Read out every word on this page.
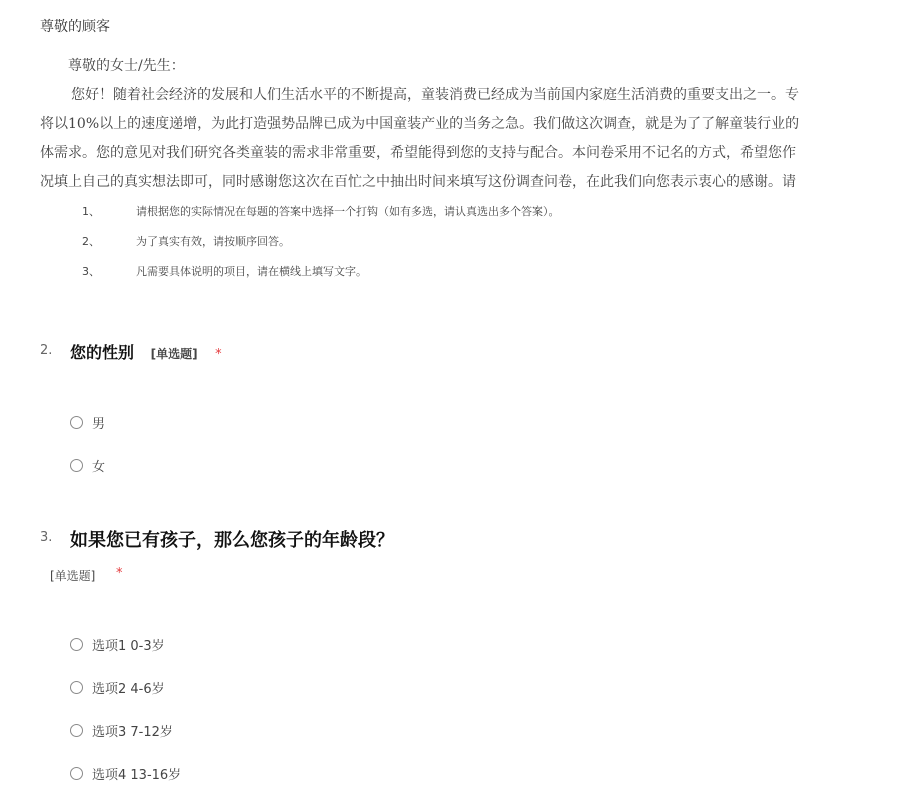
尊敬的顾客
尊敬的女士/先生：
您好！随着社会经济的发展和人们生活水平的不断提高，童装消费已经成为当前国内家庭生活消费的重要支出之一。专
将以10%以上的速度递增，为此打造强势品牌已成为中国童装产业的当务之急。我们做这次调查，就是为了了解童装行业的
体需求。您的意见对我们研究各类童装的需求非常重要，希望能得到您的支持与配合。本问卷采用不记名的方式，希望您作
况填上自己的真实想法即可，同时感谢您这次在百忙之中抽出时间来填写这份调查问卷，在此我们向您表示衷心的感谢。请
1、	请根据您的实际情况在每题的答案中选择一个打钩（如有多选，请认真选出多个答案）。
2、	为了真实有效，请按顺序回答。
3、	凡需要具体说明的项目，请在横线上填写文字。
2. 您的性别 [单选题] *
男
女
3. 如果您已有孩子，那么您孩子的年龄段？
[单选题] *
选项1 0-3岁
选项2 4-6岁
选项3 7-12岁
选项4 13-16岁
